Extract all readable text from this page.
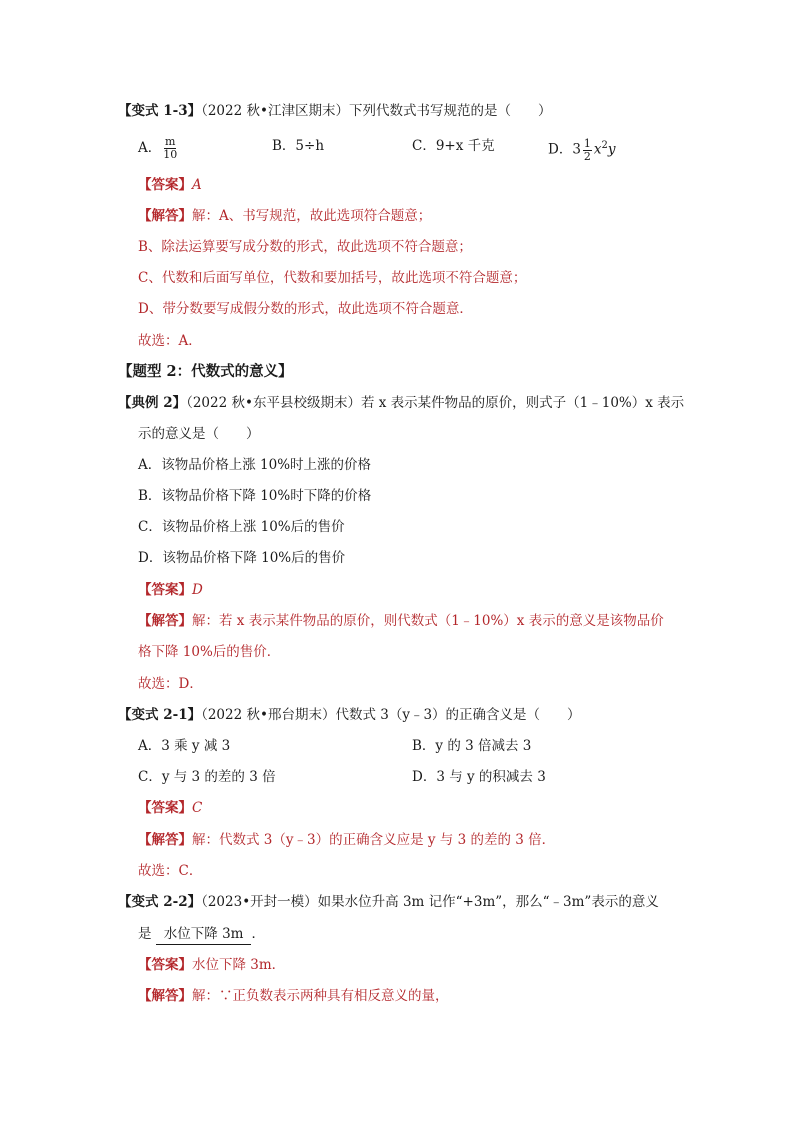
【变式 1-3】（2022 秋•江津区期末）下列代数式书写规范的是（　　）
A． $\frac{m}{10}$	B．5÷h	C．9+x 千克	D．$3 \frac{1}{2} x^2y$
【答案】A
【解答】解：A、书写规范，故此选项符合题意；
B、除法运算要写成分数的形式，故此选项不符合题意；
C、代数和后面写单位，代数和要加括号，故此选项不符合题意；
D、带分数要写成假分数的形式，故此选项不符合题意．
故选：A．
【题型 2：代数式的意义】
【典例 2】（2022 秋•东平县校级期末）若 x 表示某件物品的原价，则式子（1﹣10%）x 表示
示的意义是（　　）
A．该物品价格上涨 10%时上涨的价格
B．该物品价格下降 10%时下降的价格
C．该物品价格上涨 10%后的售价
D．该物品价格下降 10%后的售价
【答案】D
【解答】解：若 x 表示某件物品的原价，则代数式（1﹣10%）x 表示的意义是该物品价
格下降 10%后的售价．
故选：D．
【变式 2-1】（2022 秋•邢台期末）代数式 3（y﹣3）的正确含义是（　　）
A．3 乘 y 减 3	B．y 的 3 倍减去 3
C．y 与 3 的差的 3 倍	D．3 与 y 的积减去 3
【答案】C
【解答】解：代数式 3（y﹣3）的正确含义应是 y 与 3 的差的 3 倍．
故选：C．
【变式 2-2】（2023•开封一模）如果水位升高 3m 记作“+3m”，那么“﹣3m”表示的意义
是 水位下降 3m ．
【答案】水位下降 3m．
【解答】解：∵正负数表示两种具有相反意义的量，
